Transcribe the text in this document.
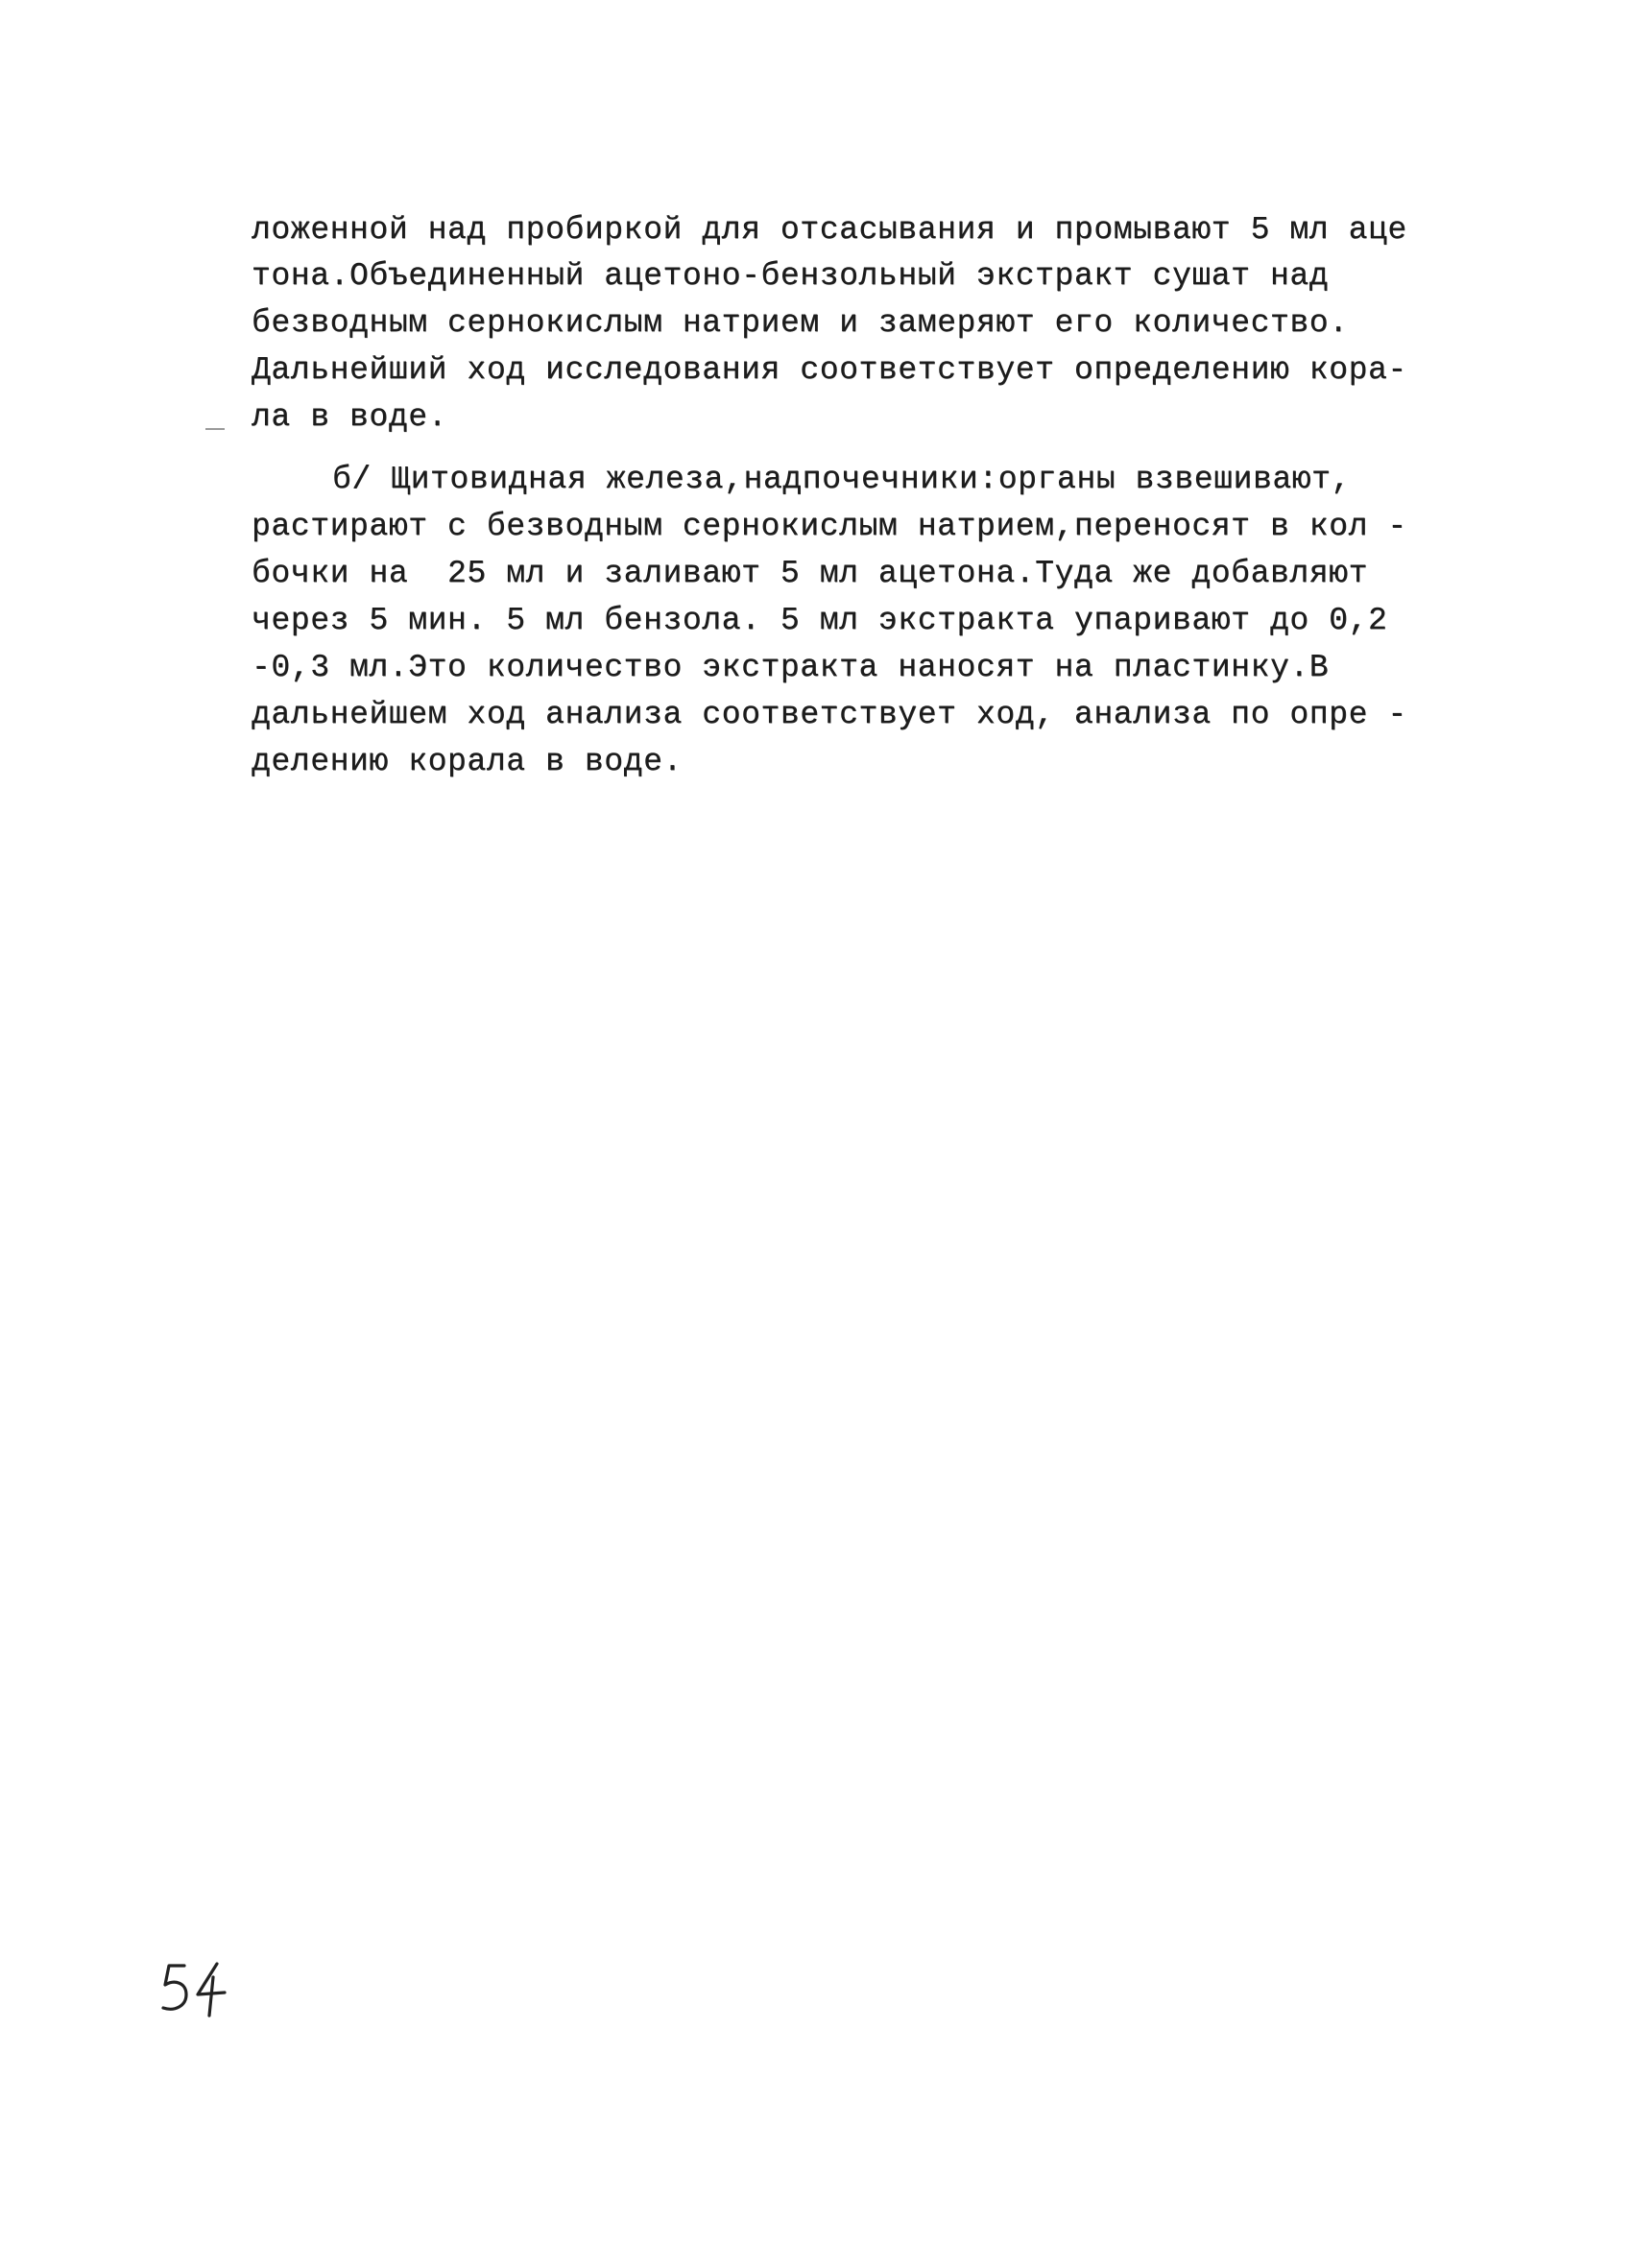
ложенной над пробиркой для отсасывания и промывают 5 мл аце
тона.Объединенный ацетоно-бензольный экстракт сушат над
безводным сернокислым натрием и замеряют его количество.
Дальнейший ход исследования соответствует определению кора-
ла в воде.
б/ Щитовидная железа,надпочечники:органы взвешивают,
растирают с безводным сернокислым натрием,переносят в кол -
бочки на  25 мл и заливают 5 мл ацетона.Туда же добавляют
через 5 мин. 5 мл бензола. 5 мл экстракта упаривают до 0,2
-0,3 мл.Это количество экстракта наносят на пластинку.В
дальнейшем ход анализа соответствует ход, анализа по опре -
делению корала в воде.
